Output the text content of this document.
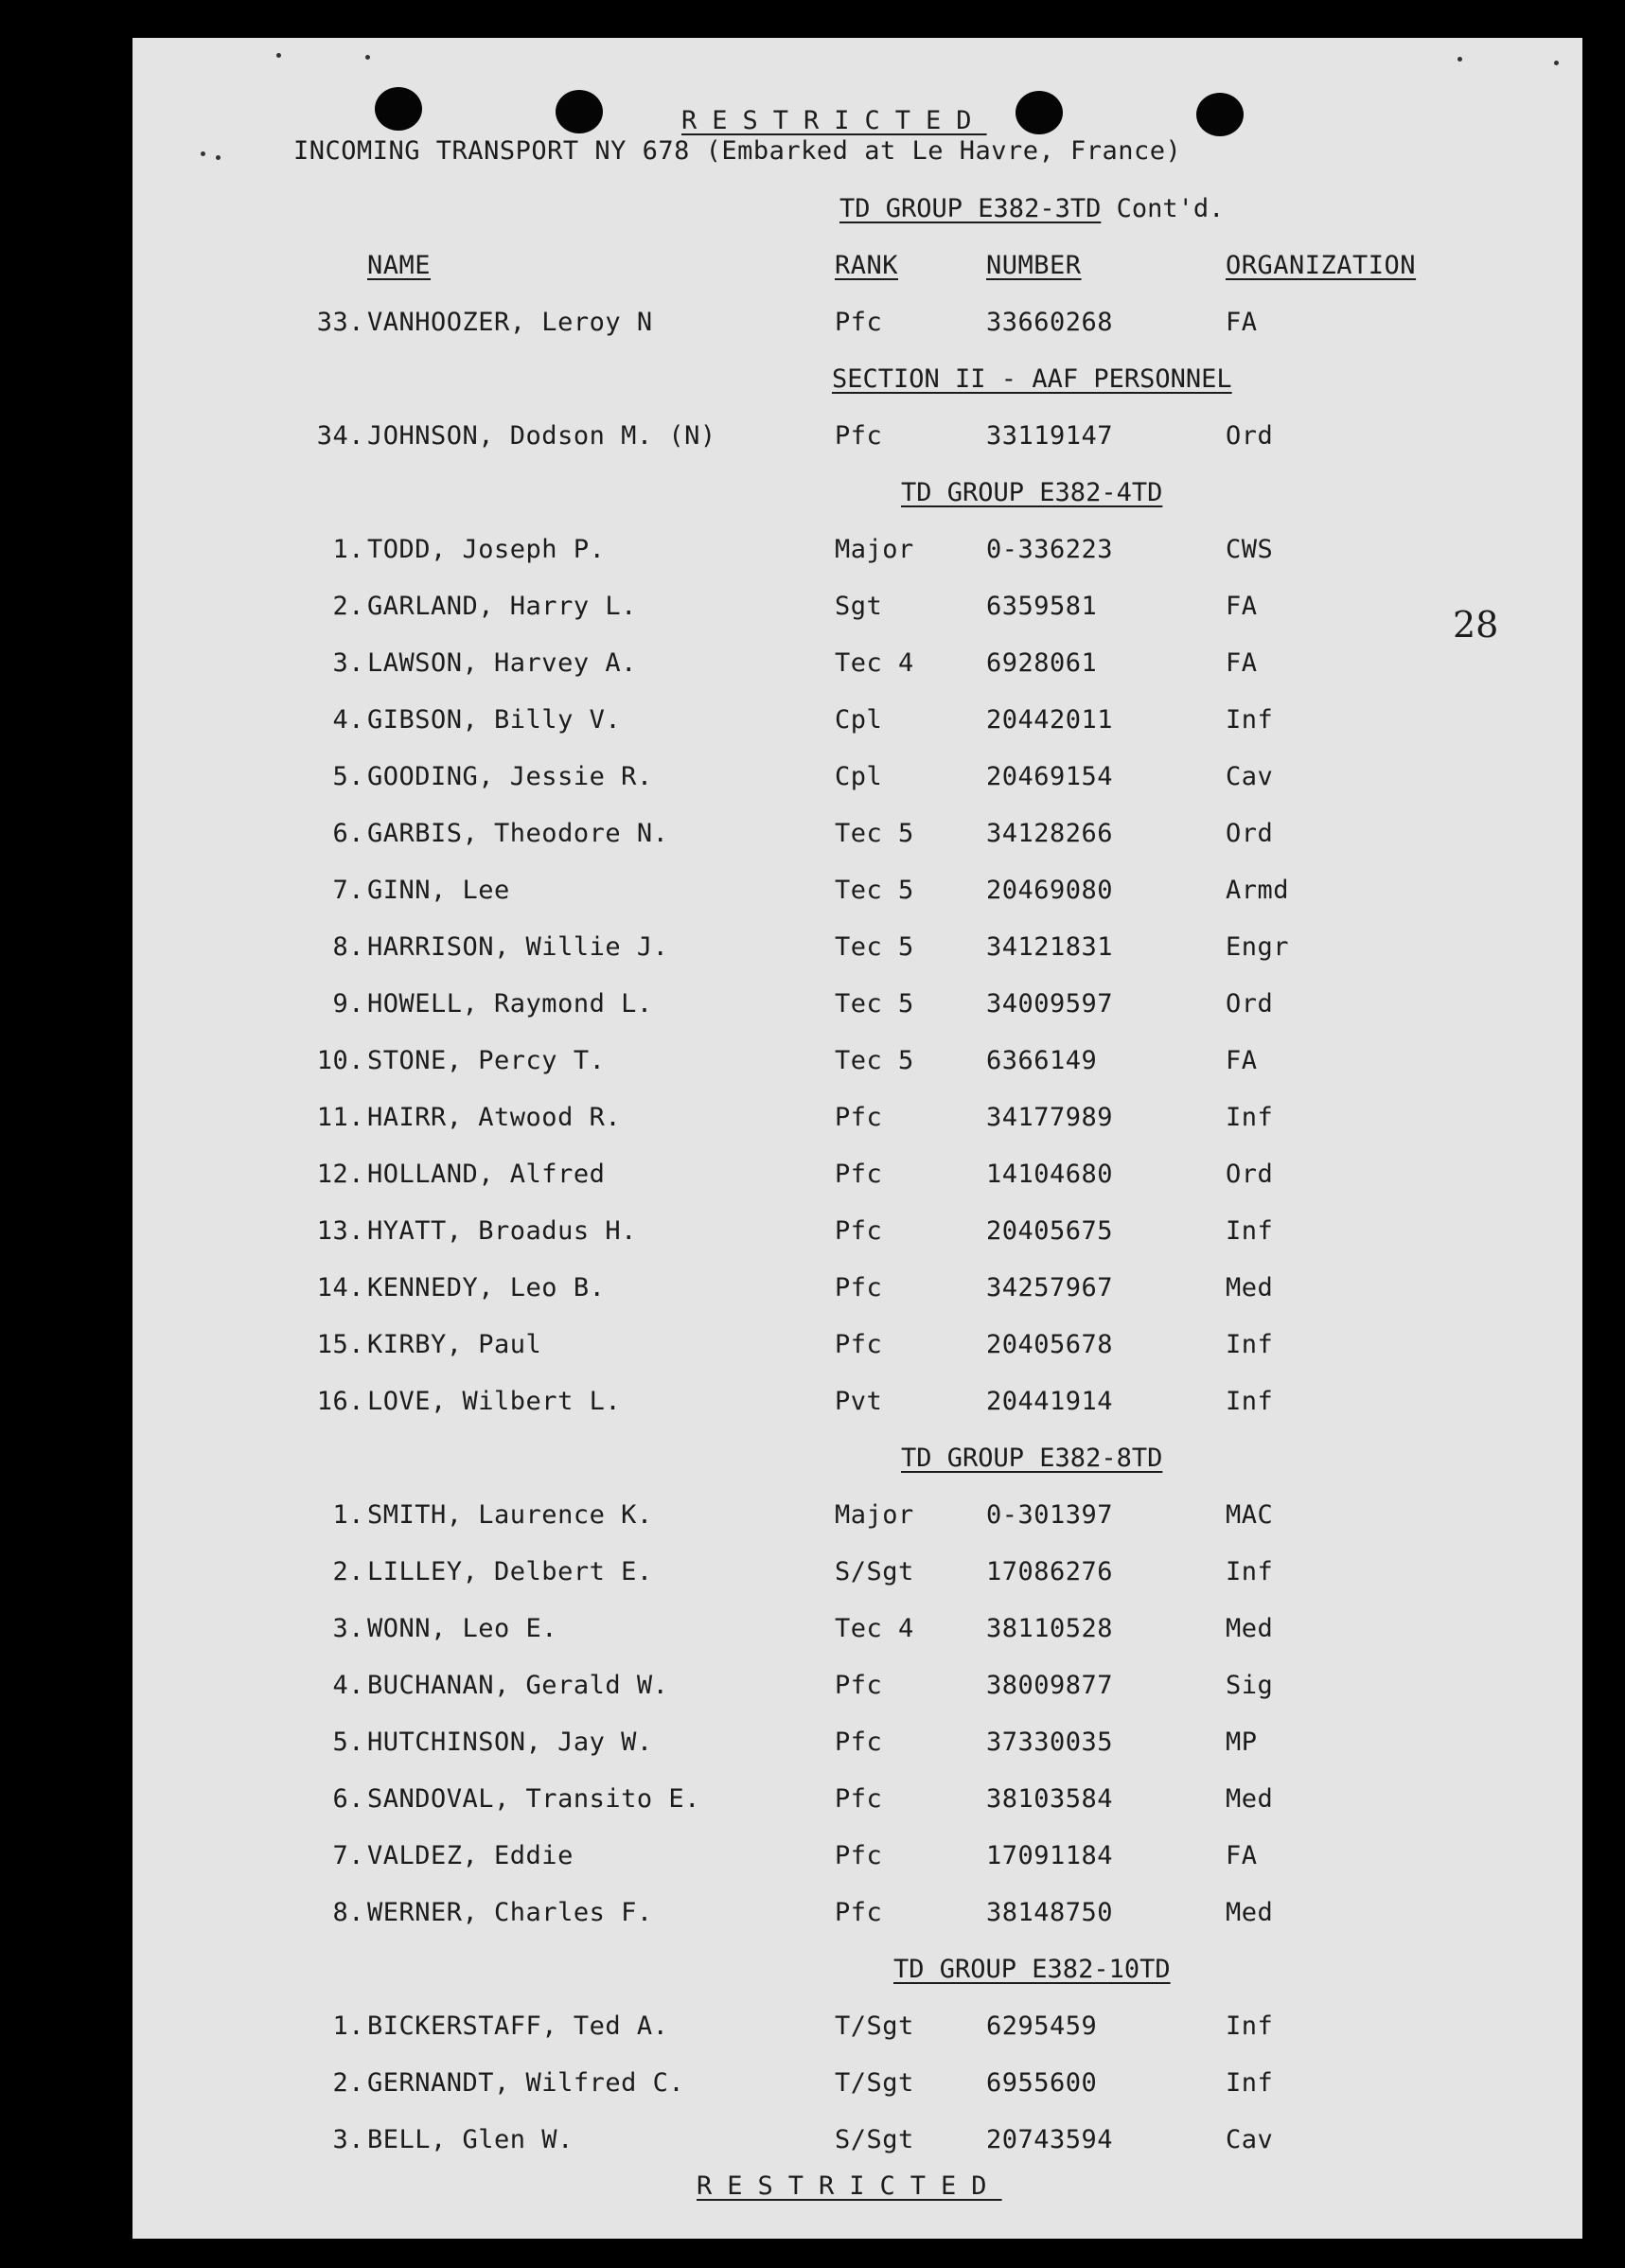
RESTRICTED
INCOMING TRANSPORT NY 678 (Embarked at Le Havre, France)
TD GROUP E382-3TD Cont'd.
NAME	RANK	NUMBER	ORGANIZATION
33. VANHOOZER, Leroy N	Pfc	33660268	FA
SECTION II - AAF PERSONNEL
34. JOHNSON, Dodson M. (N)	Pfc	33119147	Ord
TD GROUP E382-4TD
1. TODD, Joseph P.	Major	0-336223	CWS
2. GARLAND, Harry L.	Sgt	6359581	FA
3. LAWSON, Harvey A.	Tec 4	6928061	FA
4. GIBSON, Billy V.	Cpl	20442011	Inf
5. GOODING, Jessie R.	Cpl	20469154	Cav
6. GARBIS, Theodore N.	Tec 5	34128266	Ord
7. GINN, Lee	Tec 5	20469080	Armd
8. HARRISON, Willie J.	Tec 5	34121831	Engr
9. HOWELL, Raymond L.	Tec 5	34009597	Ord
10. STONE, Percy T.	Tec 5	6366149	FA
11. HAIRR, Atwood R.	Pfc	34177989	Inf
12. HOLLAND, Alfred	Pfc	14104680	Ord
13. HYATT, Broadus H.	Pfc	20405675	Inf
14. KENNEDY, Leo B.	Pfc	34257967	Med
15. KIRBY, Paul	Pfc	20405678	Inf
16. LOVE, Wilbert L.	Pvt	20441914	Inf
TD GROUP E382-8TD
1. SMITH, Laurence K.	Major	0-301397	MAC
2. LILLEY, Delbert E.	S/Sgt	17086276	Inf
3. WONN, Leo E.	Tec 4	38110528	Med
4. BUCHANAN, Gerald W.	Pfc	38009877	Sig
5. HUTCHINSON, Jay W.	Pfc	37330035	MP
6. SANDOVAL, Transito E.	Pfc	38103584	Med
7. VALDEZ, Eddie	Pfc	17091184	FA
8. WERNER, Charles F.	Pfc	38148750	Med
TD GROUP E382-10TD
1. BICKERSTAFF, Ted A.	T/Sgt	6295459	Inf
2. GERNANDT, Wilfred C.	T/Sgt	6955600	Inf
3. BELL, Glen W.	S/Sgt	20743594	Cav
28
RESTRICTED
